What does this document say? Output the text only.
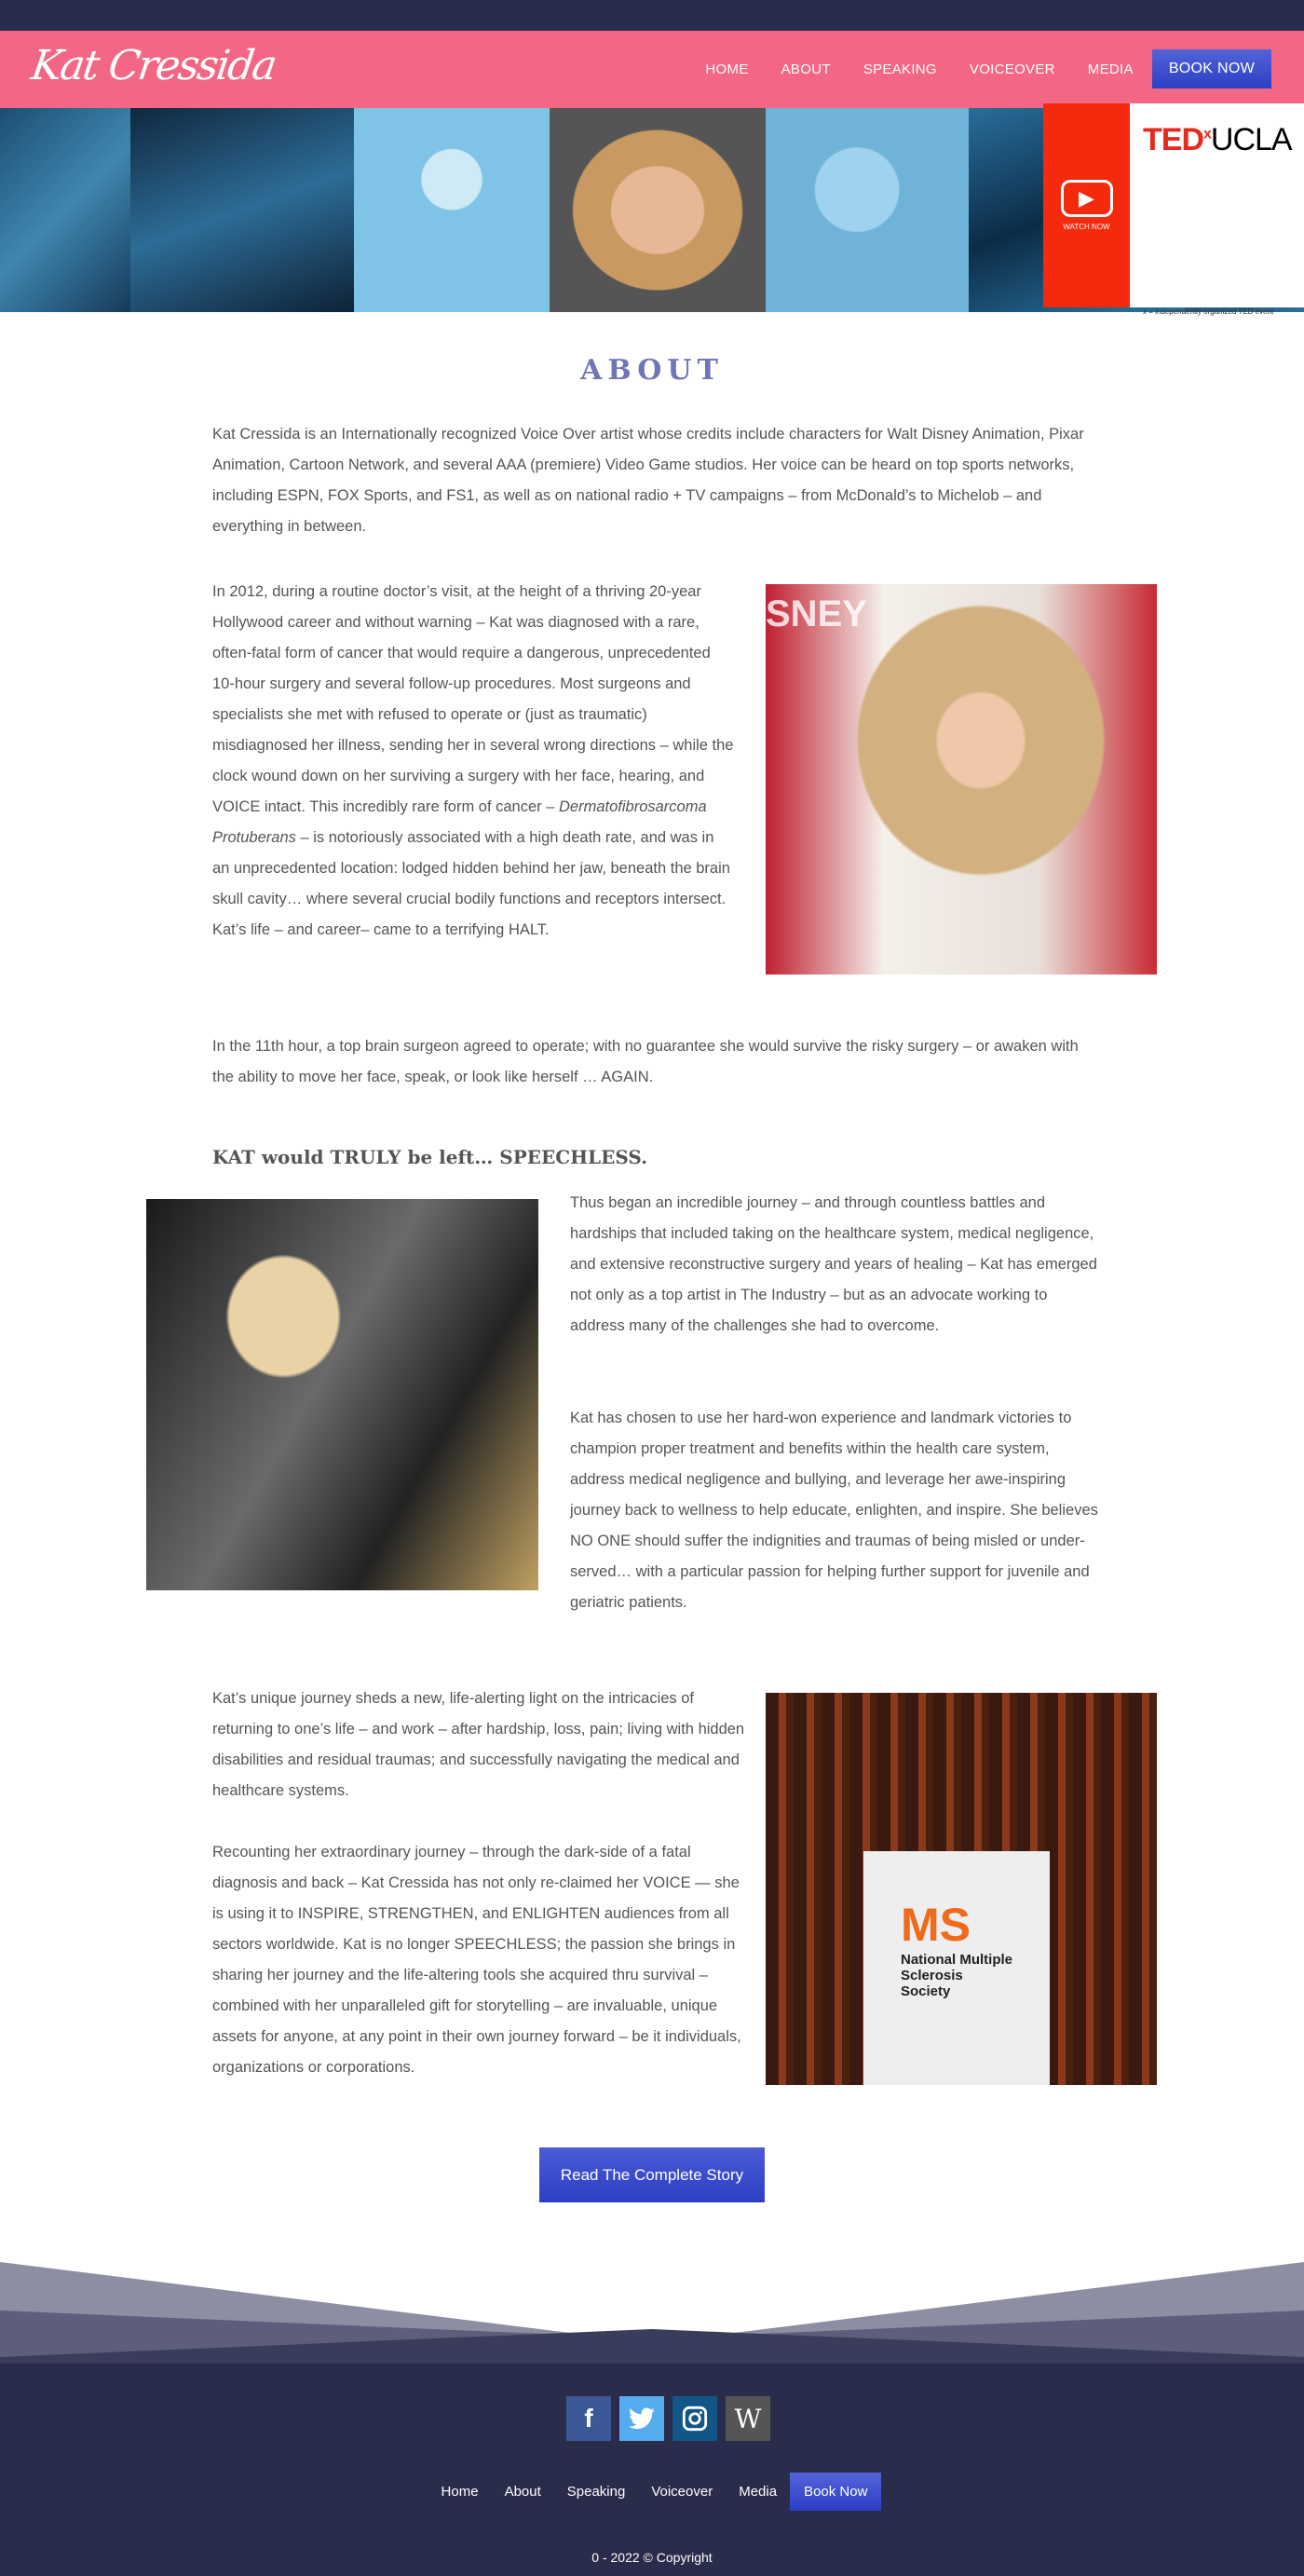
Kat Cressida	HOME ABOUT SPEAKING VOICEOVER MEDIA	BOOK NOW
▶
WATCH NOW
TED$^x$UCLA
x = independently organized TED event
ABOUT

Kat Cressida is an Internationally recognized Voice Over artist whose credits include characters for Walt Disney Animation, Pixar Animation, Cartoon Network, and several AAA (premiere) Video Game studios. Her voice can be heard on top sports networks, including ESPN, FOX Sports, and FS1, as well as on national radio + TV campaigns – from McDonald’s to Michelob – and everything in between.

In 2012, during a routine doctor’s visit, at the height of a thriving 20-year Hollywood career and without warning – Kat was diagnosed with a rare, often-fatal form of cancer that would require a dangerous, unprecedented 10-hour surgery and several follow-up procedures. Most surgeons and specialists she met with refused to operate or (just as traumatic) misdiagnosed her illness, sending her in several wrong directions – while the clock wound down on her surviving a surgery with her face, hearing, and VOICE intact. This incredibly rare form of cancer – Dermatofibrosarcoma Protuberans – is notoriously associated with a high death rate, and was in an unprecedented location: lodged hidden behind her jaw, beneath the brain skull cavity… where several crucial bodily functions and receptors intersect. Kat’s life – and career– came to a terrifying HALT.

SNEY

In the 11th hour, a top brain surgeon agreed to operate; with no guarantee she would survive the risky surgery – or awaken with the ability to move her face, speak, or look like herself … AGAIN.

KAT would TRULY be left… SPEECHLESS.

Thus began an incredible journey – and through countless battles and hardships that included taking on the healthcare system, medical negligence, and extensive reconstructive surgery and years of healing – Kat has emerged not only as a top artist in The Industry – but as an advocate working to address many of the challenges she had to overcome.

Kat has chosen to use her hard-won experience and landmark victories to champion proper treatment and benefits within the health care system, address medical negligence and bullying, and leverage her awe-inspiring journey back to wellness to help educate, enlighten, and inspire. She believes NO ONE should suffer the indignities and traumas of being misled or under-served… with a particular passion for helping further support for juvenile and geriatric patients.

Kat’s unique journey sheds a new, life-alerting light on the intricacies of returning to one’s life – and work – after hardship, loss, pain; living with hidden disabilities and residual traumas; and successfully navigating the medical and healthcare systems.

Recounting her extraordinary journey – through the dark-side of a fatal diagnosis and back – Kat Cressida has not only re-claimed her VOICE — she is using it to INSPIRE, STRENGTHEN, and ENLIGHTEN audiences from all sectors worldwide. Kat is no longer SPEECHLESS; the passion she brings in sharing her journey and the life-altering tools she acquired thru survival – combined with her unparalleled gift for storytelling – are invaluable, unique assets for anyone, at any point in their own journey forward – be it individuals, organizations or corporations.

MS
National Multiple Sclerosis Society
Read The Complete Story
f	W
Home About Speaking Voiceover Media	Book Now
0 - 2022 © Copyright
